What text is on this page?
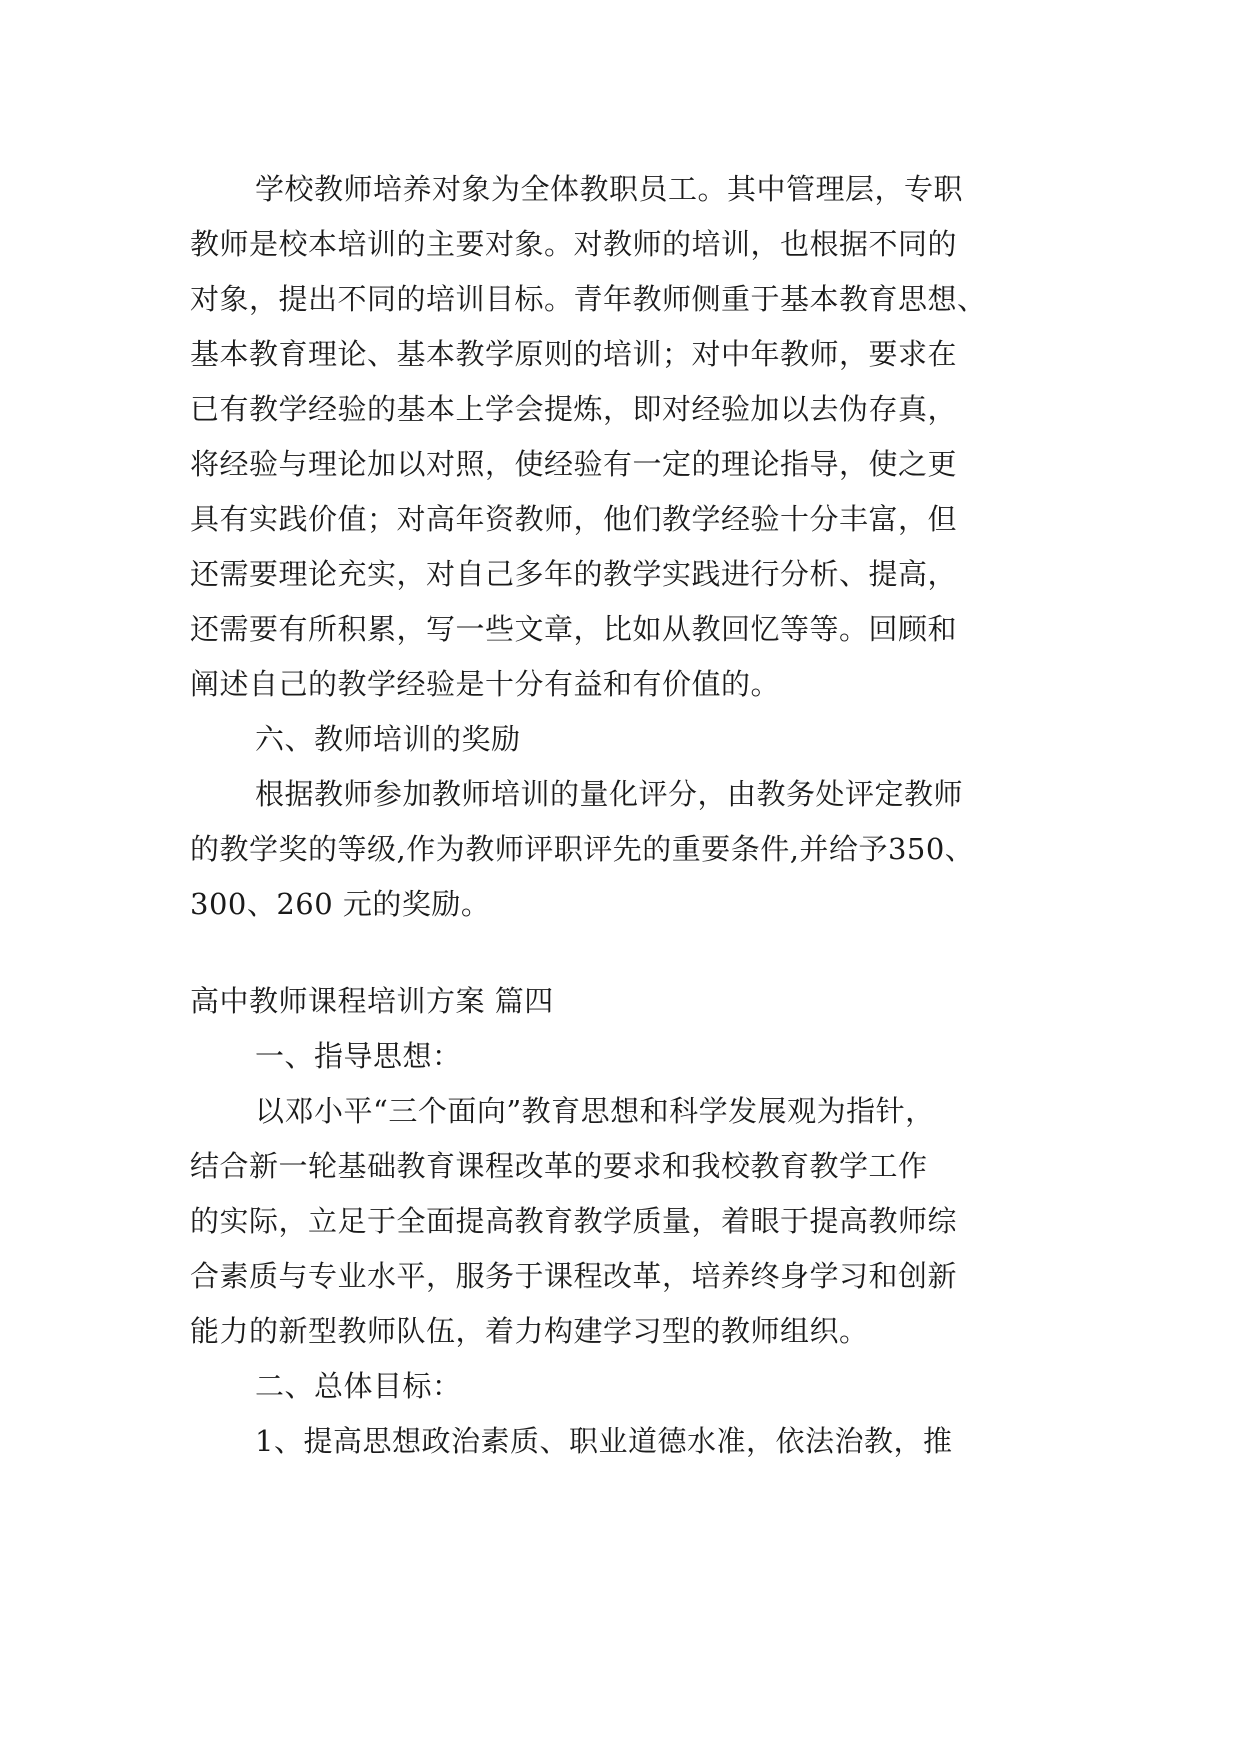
学校教师培养对象为全体教职员工。其中管理层，专职
教师是校本培训的主要对象。对教师的培训，也根据不同的
对象，提出不同的培训目标。青年教师侧重于基本教育思想、
基本教育理论、基本教学原则的培训；对中年教师，要求在
已有教学经验的基本上学会提炼，即对经验加以去伪存真，
将经验与理论加以对照，使经验有一定的理论指导，使之更
具有实践价值；对高年资教师，他们教学经验十分丰富，但
还需要理论充实，对自己多年的教学实践进行分析、提高，
还需要有所积累，写一些文章，比如从教回忆等等。回顾和
阐述自己的教学经验是十分有益和有价值的。
六、教师培训的奖励
根据教师参加教师培训的量化评分，由教务处评定教师
的教学奖的等级,作为教师评职评先的重要条件,并给予350、
300、260 元的奖励。
高中教师课程培训方案 篇四
一、指导思想：
以邓小平“三个面向”教育思想和科学发展观为指针，
结合新一轮基础教育课程改革的要求和我校教育教学工作
的实际，立足于全面提高教育教学质量，着眼于提高教师综
合素质与专业水平，服务于课程改革，培养终身学习和创新
能力的新型教师队伍，着力构建学习型的教师组织。
二、总体目标：
1、提高思想政治素质、职业道德水准，依法治教，推
